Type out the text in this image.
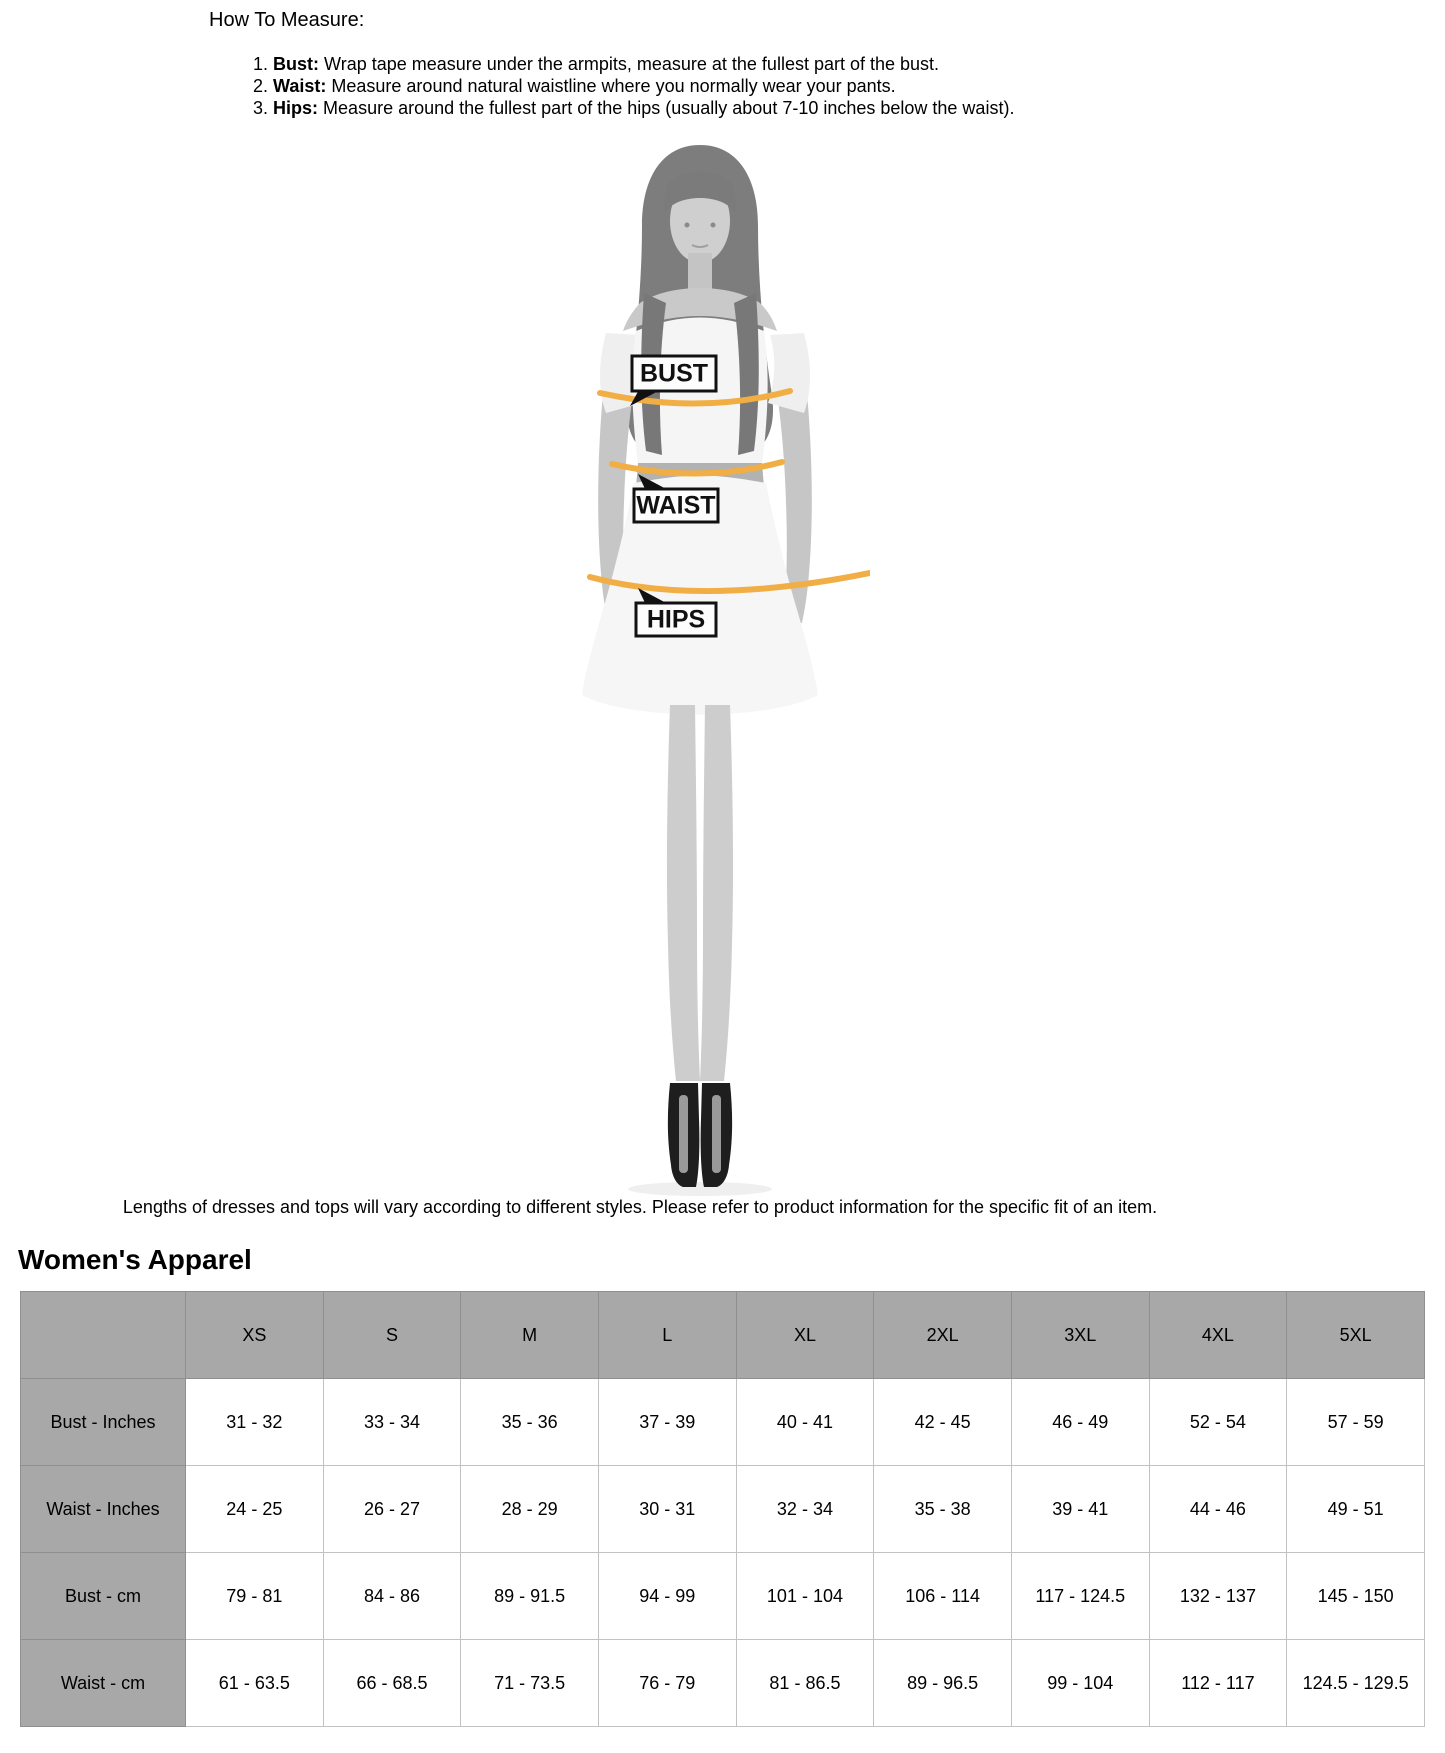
How To Measure:
1. Bust: Wrap tape measure under the armpits, measure at the fullest part of the bust.
2. Waist: Measure around natural waistline where you normally wear your pants.
3. Hips: Measure around the fullest part of the hips (usually about 7-10 inches below the waist).
BUST
WAIST
HIPS
Lengths of dresses and tops will vary according to different styles. Please refer to product information for the specific fit of an item.
Women's Apparel
	XS	S	M	L	XL	2XL	3XL	4XL	5XL
Bust - Inches	31 - 32	33 - 34	35 - 36	37 - 39	40 - 41	42 - 45	46 - 49	52 - 54	57 - 59
Waist - Inches	24 - 25	26 - 27	28 - 29	30 - 31	32 - 34	35 - 38	39 - 41	44 - 46	49 - 51
Bust - cm	79 - 81	84 - 86	89 - 91.5	94 - 99	101 - 104	106 - 114	117 - 124.5	132 - 137	145 - 150
Waist - cm	61 - 63.5	66 - 68.5	71 - 73.5	76 - 79	81 - 86.5	89 - 96.5	99 - 104	112 - 117	124.5 - 129.5
